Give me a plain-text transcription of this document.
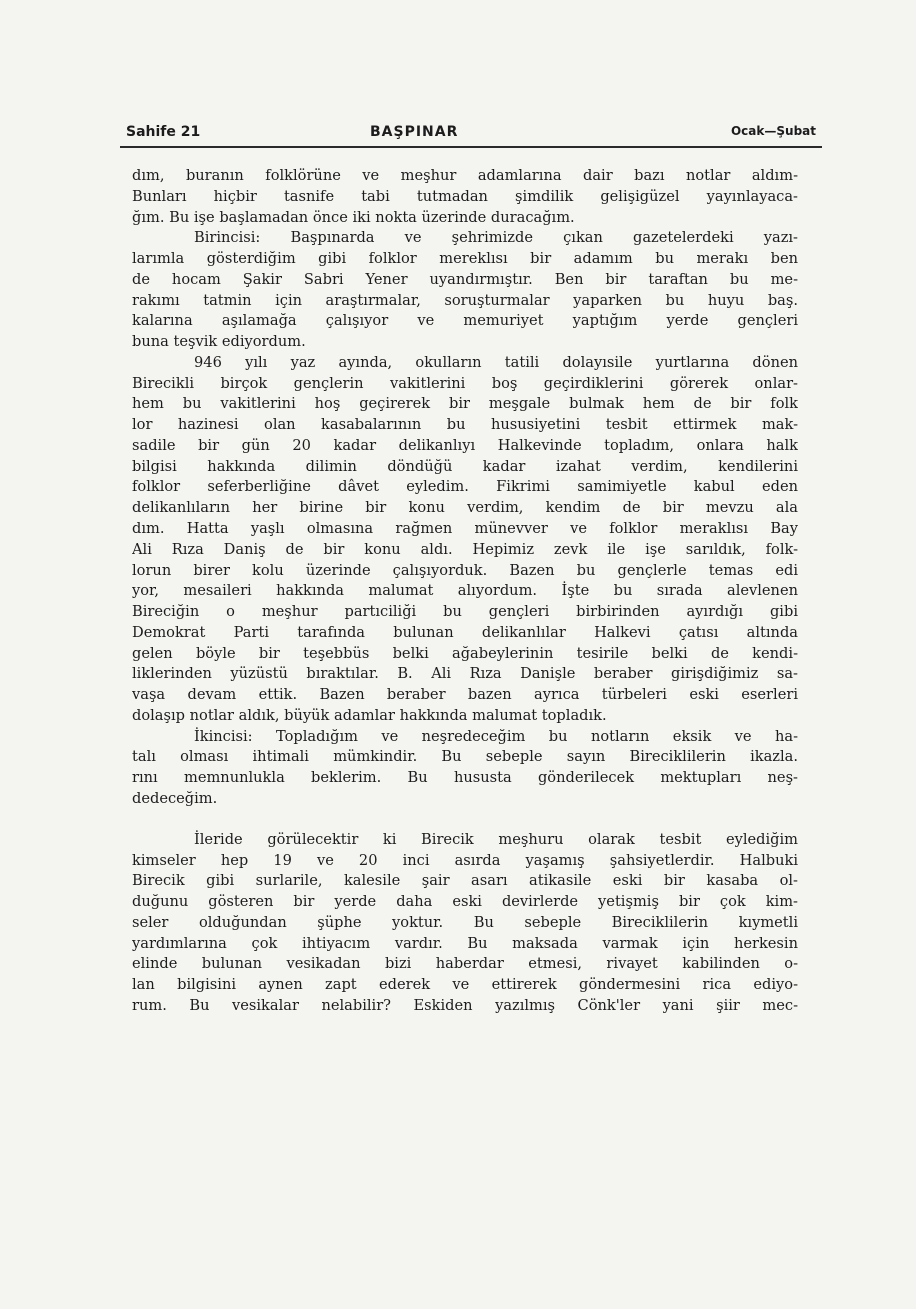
Sahife 21	BAŞPINAR	Ocak—Şubat
dım, buranın folklörüne ve meşhur adamlarına dair bazı notlar aldım-
Bunları hiçbir tasnife tabi tutmadan şimdilik gelişigüzel yayınlayaca-
ğım. Bu işe başlamadan önce iki nokta üzerinde duracağım.
Birincisi: Başpınarda ve şehrimizde çıkan gazetelerdeki yazı-
larımla gösterdiğim gibi folklor mereklısı bir adamım bu merakı ben
de hocam Şakir Sabri Yener uyandırmıştır. Ben bir taraftan bu me-
rakımı tatmin için araştırmalar, soruşturmalar yaparken bu huyu baş.
kalarına aşılamağa çalışıyor ve memuriyet yaptığım yerde gençleri
buna teşvik ediyordum.
946 yılı yaz ayında, okulların tatili dolayısile yurtlarına dönen
Birecikli birçok gençlerin vakitlerini boş geçirdiklerini görerek onlar-
hem bu vakitlerini hoş geçirerek bir meşgale bulmak hem de bir folk
lor hazinesi olan kasabalarının bu hususiyetini tesbit ettirmek mak-
sadile bir gün 20 kadar delikanlıyı Halkevinde topladım, onlara halk
bilgisi hakkında dilimin döndüğü kadar izahat verdim, kendilerini
folklor seferberliğine dâvet eyledim. Fikrimi samimiyetle kabul eden
delikanlıların her birine bir konu verdim, kendim de bir mevzu ala
dım. Hatta yaşlı olmasına rağmen münevver ve folklor meraklısı Bay
Ali Rıza Daniş de bir konu aldı. Hepimiz zevk ile işe sarıldık, folk-
lorun birer kolu üzerinde çalışıyorduk. Bazen bu gençlerle temas edi
yor, mesaileri hakkında malumat alıyordum. İşte bu sırada alevlenen
Bireciğin o meşhur partıciliği bu gençleri birbirinden ayırdığı gibi
Demokrat Parti tarafında bulunan delikanlılar Halkevi çatısı altında
gelen böyle bir teşebbüs belki ağabeylerinin tesirile belki de kendi-
liklerinden yüzüstü bıraktılar. B. Ali Rıza Danişle beraber girişdiğimiz sa-
vaşa devam ettik. Bazen beraber bazen ayrıca türbeleri eski eserleri
dolaşıp notlar aldık, büyük adamlar hakkında malumat topladık.
İkincisi: Topladığım ve neşredeceğim bu notların eksik ve ha-
talı olması ihtimali mümkindir. Bu sebeple sayın Bireciklilerin ikazla.
rını memnunlukla beklerim. Bu hususta gönderilecek mektupları neş-
dedeceğim.
İleride görülecektir ki Birecik meşhuru olarak tesbit eylediğim
kimseler hep 19 ve 20 inci asırda yaşamış şahsiyetlerdir. Halbuki
Birecik gibi surlarile, kalesile şair asarı atikasile eski bir kasaba ol-
duğunu gösteren bir yerde daha eski devirlerde yetişmiş bir çok kim-
seler olduğundan şüphe yoktur. Bu sebeple Bireciklilerin kıymetli
yardımlarına çok ihtiyacım vardır. Bu maksada varmak için herkesin
elinde bulunan vesikadan bizi haberdar etmesi, rivayet kabilinden o-
lan bilgisini aynen zapt ederek ve ettirerek göndermesini rica ediyo-
rum. Bu vesikalar nelabilir? Eskiden yazılmış Cönk'ler yani şiir mec-
